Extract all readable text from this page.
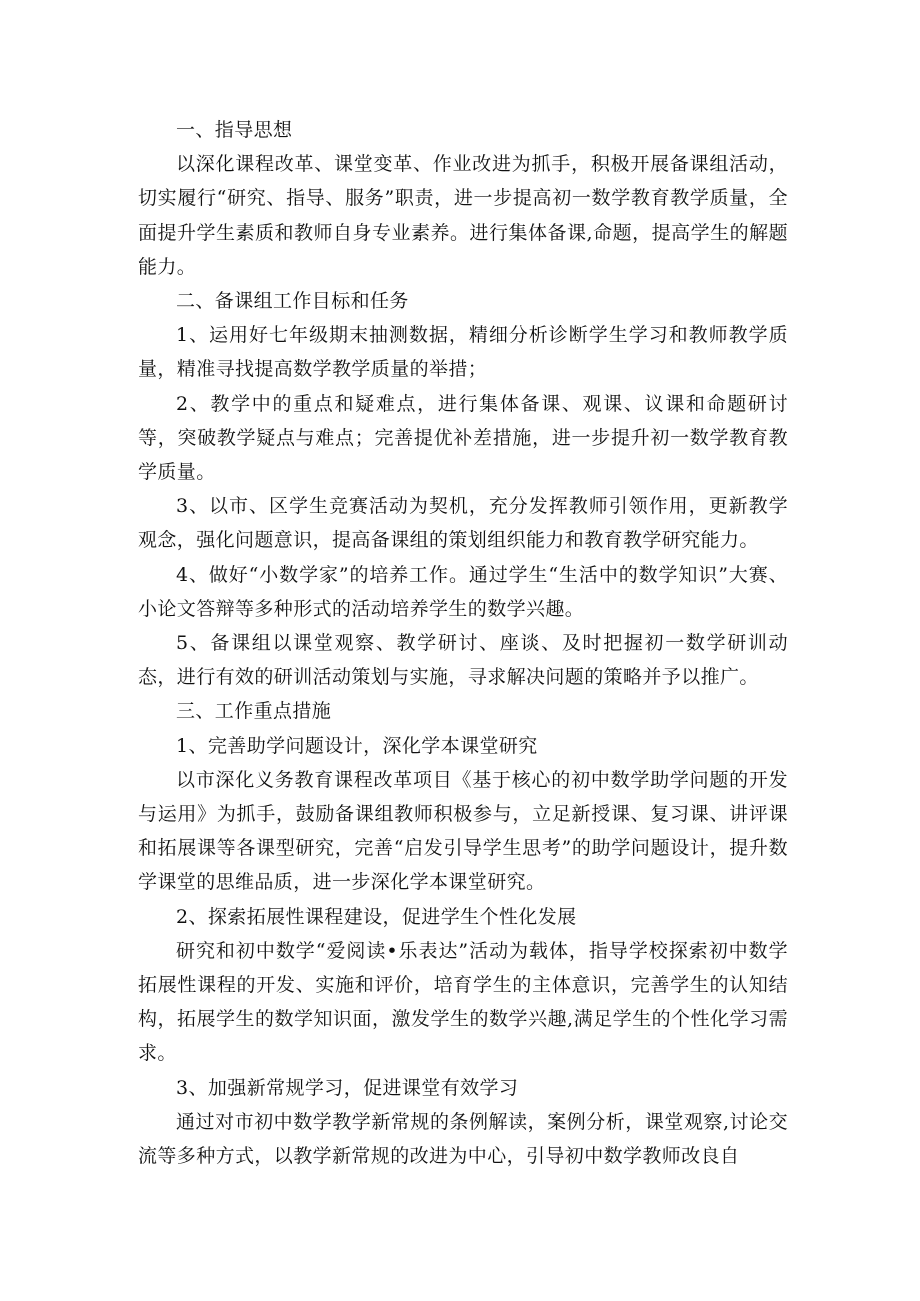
一、指导思想

以深化课程改革、课堂变革、作业改进为抓手，积极开展备课组活动，切实履行“研究、指导、服务”职责，进一步提高初一数学教育教学质量，全面提升学生素质和教师自身专业素养。进行集体备课,命题，提高学生的解题能力。

二、备课组工作目标和任务

1、运用好七年级期末抽测数据，精细分析诊断学生学习和教师教学质量，精准寻找提高数学教学质量的举措；

2、教学中的重点和疑难点，进行集体备课、观课、议课和命题研讨等，突破教学疑点与难点；完善提优补差措施，进一步提升初一数学教育教学质量。

3、以市、区学生竞赛活动为契机，充分发挥教师引领作用，更新教学观念，强化问题意识，提高备课组的策划组织能力和教育教学研究能力。

4、做好“小数学家”的培养工作。通过学生“生活中的数学知识”大赛、小论文答辩等多种形式的活动培养学生的数学兴趣。

5、备课组以课堂观察、教学研讨、座谈、及时把握初一数学研训动态，进行有效的研训活动策划与实施，寻求解决问题的策略并予以推广。

三、工作重点措施

1、完善助学问题设计，深化学本课堂研究

以市深化义务教育课程改革项目《基于核心的初中数学助学问题的开发与运用》为抓手，鼓励备课组教师积极参与，立足新授课、复习课、讲评课和拓展课等各课型研究，完善“启发引导学生思考”的助学问题设计，提升数学课堂的思维品质，进一步深化学本课堂研究。

2、探索拓展性课程建设，促进学生个性化发展

研究和初中数学“爱阅读•乐表达”活动为载体，指导学校探索初中数学拓展性课程的开发、实施和评价，培育学生的主体意识，完善学生的认知结构，拓展学生的数学知识面，激发学生的数学兴趣,满足学生的个性化学习需求。

3、加强新常规学习，促进课堂有效学习

通过对市初中数学教学新常规的条例解读，案例分析，课堂观察,讨论交流等多种方式，以教学新常规的改进为中心，引导初中数学教师改良自
